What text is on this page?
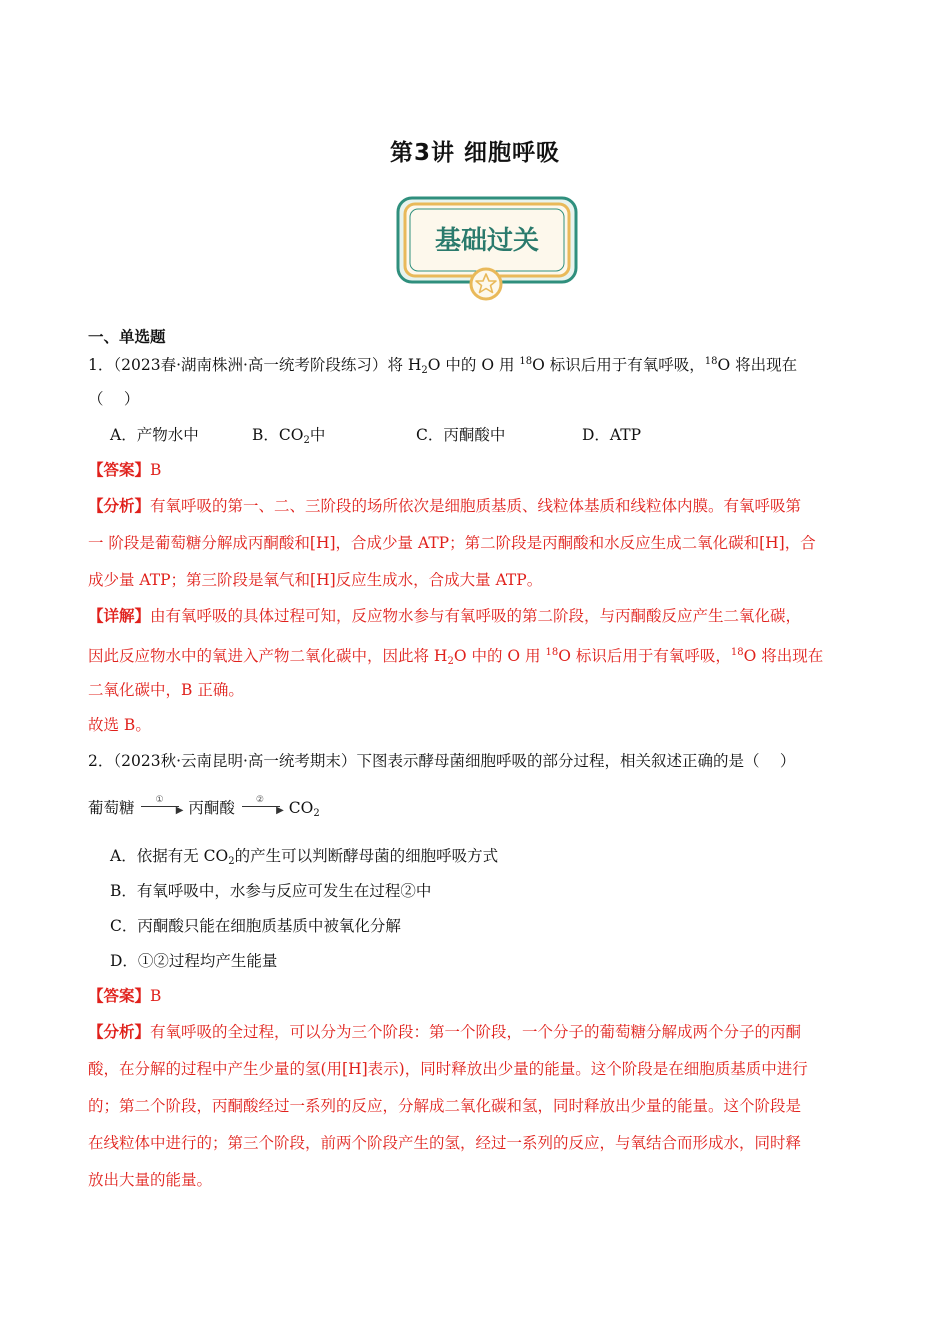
第3讲 细胞呼吸
基础过关
一、单选题
1．（2023春·湖南株洲·高一统考阶段练习）将 $H_2O$ 中的 O 用 $^{18}$O 标识后用于有氧呼吸，$^{18}$O 将出现在
（　 ）
A．产物水中	B．$CO_2$中	C．丙酮酸中	D．ATP
【答案】B
【分析】有氧呼吸的第一、二、三阶段的场所依次是细胞质基质、线粒体基质和线粒体内膜。有氧呼吸第
一 阶段是葡萄糖分解成丙酮酸和[H]，合成少量 ATP；第二阶段是丙酮酸和水反应生成二氧化碳和[H]，合
成少量 ATP；第三阶段是氧气和[H]反应生成水，合成大量 ATP。
【详解】由有氧呼吸的具体过程可知，反应物水参与有氧呼吸的第二阶段，与丙酮酸反应产生二氧化碳，
因此反应物水中的氧进入产物二氧化碳中，因此将 $H_2O$ 中的 O 用 $^{18}$O 标识后用于有氧呼吸，$^{18}$O 将出现在
二氧化碳中，B 正确。
故选 B。
2．（2023秋·云南昆明·高一统考期末）下图表示酵母菌细胞呼吸的部分过程，相关叙述正确的是（　 ）
葡萄糖 ①
▶ 丙酮酸 ②
▶ $CO_2$
A．依据有无 $CO_2$的产生可以判断酵母菌的细胞呼吸方式
B．有氧呼吸中，水参与反应可发生在过程②中
C．丙酮酸只能在细胞质基质中被氧化分解
D．①②过程均产生能量
【答案】B
【分析】有氧呼吸的全过程，可以分为三个阶段：第一个阶段，一个分子的葡萄糖分解成两个分子的丙酮
酸，在分解的过程中产生少量的氢(用[H]表示)，同时释放出少量的能量。这个阶段是在细胞质基质中进行
的；第二个阶段，丙酮酸经过一系列的反应，分解成二氧化碳和氢，同时释放出少量的能量。这个阶段是
在线粒体中进行的；第三个阶段，前两个阶段产生的氢，经过一系列的反应，与氧结合而形成水，同时释
放出大量的能量。
